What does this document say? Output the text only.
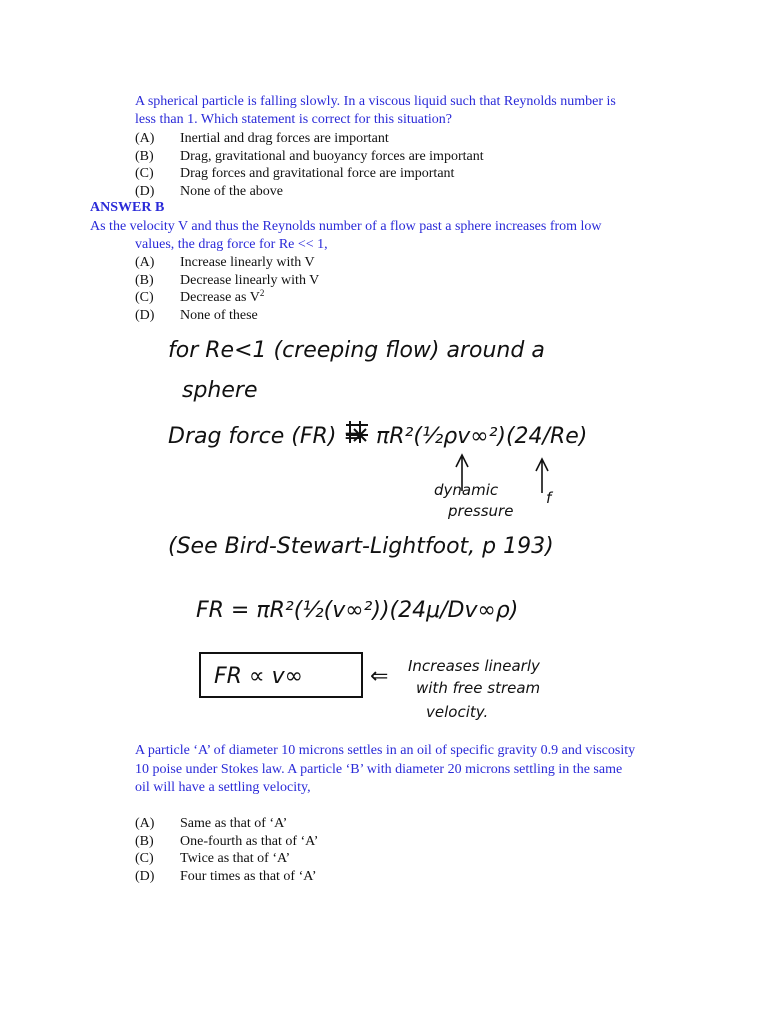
A spherical particle is falling slowly. In a viscous liquid such that Reynolds number is
less than 1. Which statement is correct for this situation?
(A)	Inertial and drag forces are important
(B)	Drag, gravitational and buoyancy forces are important
(C)	Drag forces and gravitational force are important
(D)	None of the above
ANSWER B
As the velocity V and thus the Reynolds number of a flow past a sphere increases from low
values, the drag force for Re << 1,
(A)	Increase linearly with V
(B)	Decrease linearly with V
(C)	Decrease as $V^2$
(D)	None of these
for Re<1 (creeping flow) around a
sphere
Drag force (FR) = πR²(½ρv∞²)(24/Re)
dynamic
pressure
f
(See Bird-Stewart-Lightfoot, p 193)
FR = πR²(½(v∞²))(24μ/Dv∞ρ)
FR ∝ v∞	⇐ Increases linearly
with free stream
velocity.
A particle ‘A’ of diameter 10 microns settles in an oil of specific gravity 0.9 and viscosity
10 poise under Stokes law. A particle ‘B’ with diameter 20 microns settling in the same
oil will have a settling velocity,
(A)	Same as that of ‘A’
(B)	One-fourth as that of ‘A’
(C)	Twice as that of ‘A’
(D)	Four times as that of ‘A’
